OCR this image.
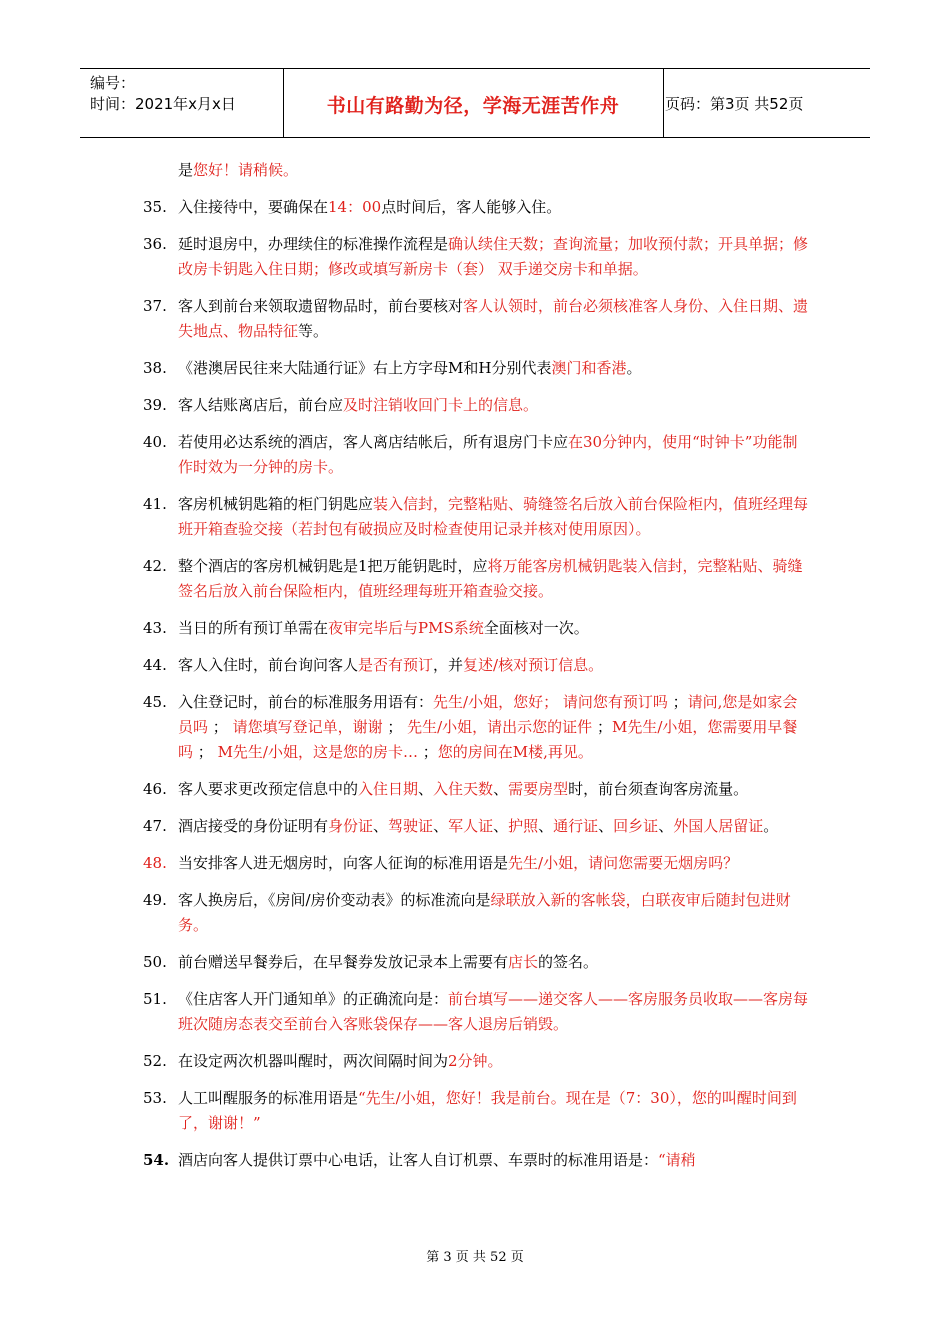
编号：
时间：2021年x月x日	书山有路勤为径，学海无涯苦作舟	页码：第3页 共52页
是您好！请稍候。
35. 入住接待中，要确保在14：00点时间后，客人能够入住。
36. 延时退房中，办理续住的标准操作流程是确认续住天数；查询流量；加收预付款；开具单据；修改房卡钥匙入住日期；修改或填写新房卡（套） 双手递交房卡和单据。
37. 客人到前台来领取遗留物品时，前台要核对客人认领时，前台必须核准客人身份、入住日期、遗失地点、物品特征等。
38. 《港澳居民往来大陆通行证》右上方字母M和H分别代表澳门和香港。
39. 客人结账离店后，前台应及时注销收回门卡上的信息。
40. 若使用必达系统的酒店，客人离店结帐后，所有退房门卡应在30分钟内，使用“时钟卡”功能制作时效为一分钟的房卡。
41. 客房机械钥匙箱的柜门钥匙应装入信封，完整粘贴、骑缝签名后放入前台保险柜内，值班经理每班开箱查验交接（若封包有破损应及时检查使用记录并核对使用原因）。
42. 整个酒店的客房机械钥匙是1把万能钥匙时，应将万能客房机械钥匙装入信封，完整粘贴、骑缝签名后放入前台保险柜内，值班经理每班开箱查验交接。
43. 当日的所有预订单需在夜审完毕后与PMS系统全面核对一次。
44. 客人入住时，前台询问客人是否有预订，并复述/核对预订信息。
45. 入住登记时，前台的标准服务用语有：先生/小姐，您好； 请问您有预订吗 ；请问,您是如家会员吗 ； 请您填写登记单，谢谢 ； 先生/小姐，请出示您的证件 ；M先生/小姐，您需要用早餐吗 ； M先生/小姐，这是您的房卡… ；您的房间在M楼,再见。
46. 客人要求更改预定信息中的入住日期、入住天数、需要房型时，前台须查询客房流量。
47. 酒店接受的身份证明有身份证、驾驶证、军人证、护照、通行证、回乡证、外国人居留证。
48. 当安排客人进无烟房时，向客人征询的标准用语是先生/小姐，请问您需要无烟房吗？
49. 客人换房后，《房间/房价变动表》的标准流向是绿联放入新的客帐袋，白联夜审后随封包进财务。
50. 前台赠送早餐券后，在早餐券发放记录本上需要有店长的签名。
51. 《住店客人开门通知单》的正确流向是：前台填写——递交客人——客房服务员收取——客房每班次随房态表交至前台入客账袋保存——客人退房后销毁。
52. 在设定两次机器叫醒时，两次间隔时间为2分钟。
53. 人工叫醒服务的标准用语是“先生/小姐，您好！我是前台。现在是（7：30），您的叫醒时间到了，谢谢！”
54. 酒店向客人提供订票中心电话，让客人自订机票、车票时的标准用语是：“请稍
第 3 页 共 52 页
